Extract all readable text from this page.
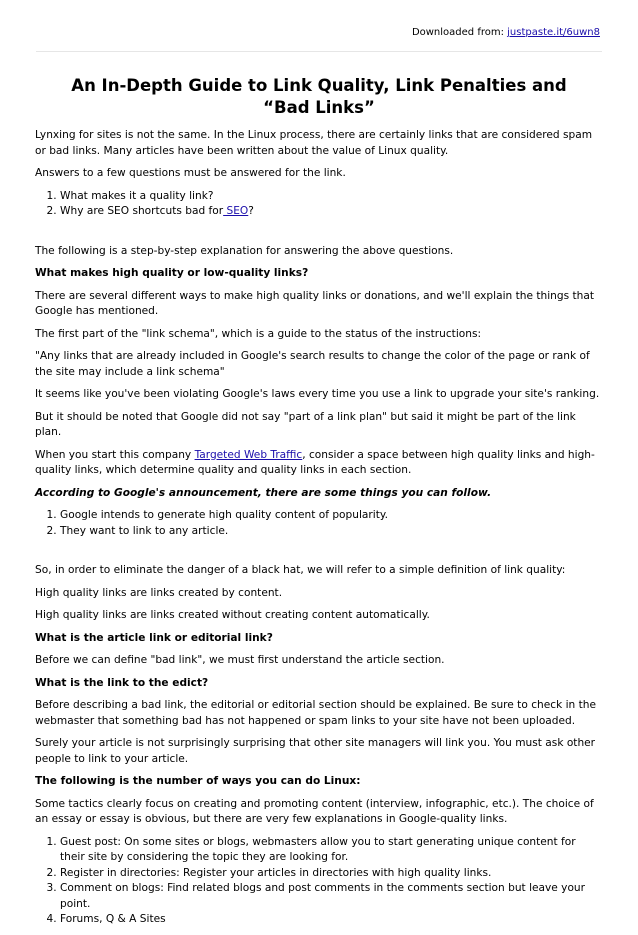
Downloaded from: justpaste.it/6uwn8
An In-Depth Guide to Link Quality, Link Penalties and “Bad Links”

Lynxing for sites is not the same. In the Linux process, there are certainly links that are considered spam or bad links. Many articles have been written about the value of Linux quality.

Answers to a few questions must be answered for the link.

1. What makes it a quality link?
2. Why are SEO shortcuts bad for SEO?

The following is a step-by-step explanation for answering the above questions.

What makes high quality or low-quality links?

There are several different ways to make high quality links or donations, and we'll explain the things that Google has mentioned.

The first part of the "link schema", which is a guide to the status of the instructions:

"Any links that are already included in Google's search results to change the color of the page or rank of the site may include a link schema"

It seems like you've been violating Google's laws every time you use a link to upgrade your site's ranking.

But it should be noted that Google did not say "part of a link plan" but said it might be part of the link plan.

When you start this company Targeted Web Traffic, consider a space between high quality links and high-quality links, which determine quality and quality links in each section.

According to Google's announcement, there are some things you can follow.

1. Google intends to generate high quality content of popularity.
2. They want to link to any article.

So, in order to eliminate the danger of a black hat, we will refer to a simple definition of link quality:

High quality links are links created by content.

High quality links are links created without creating content automatically.

What is the article link or editorial link?

Before we can define "bad link", we must first understand the article section.

What is the link to the edict?

Before describing a bad link, the editorial or editorial section should be explained. Be sure to check in the webmaster that something bad has not happened or spam links to your site have not been uploaded.

Surely your article is not surprisingly surprising that other site managers will link you. You must ask other people to link to your article.

The following is the number of ways you can do Linux:

Some tactics clearly focus on creating and promoting content (interview, infographic, etc.). The choice of an essay or essay is obvious, but there are very few explanations in Google-quality links.

1. Guest post: On some sites or blogs, webmasters allow you to start generating unique content for their site by considering the topic they are looking for.
2. Register in directories: Register your articles in directories with high quality links.
3. Comment on blogs: Find related blogs and post comments in the comments section but leave your point.
4. Forums, Q & A Sites
